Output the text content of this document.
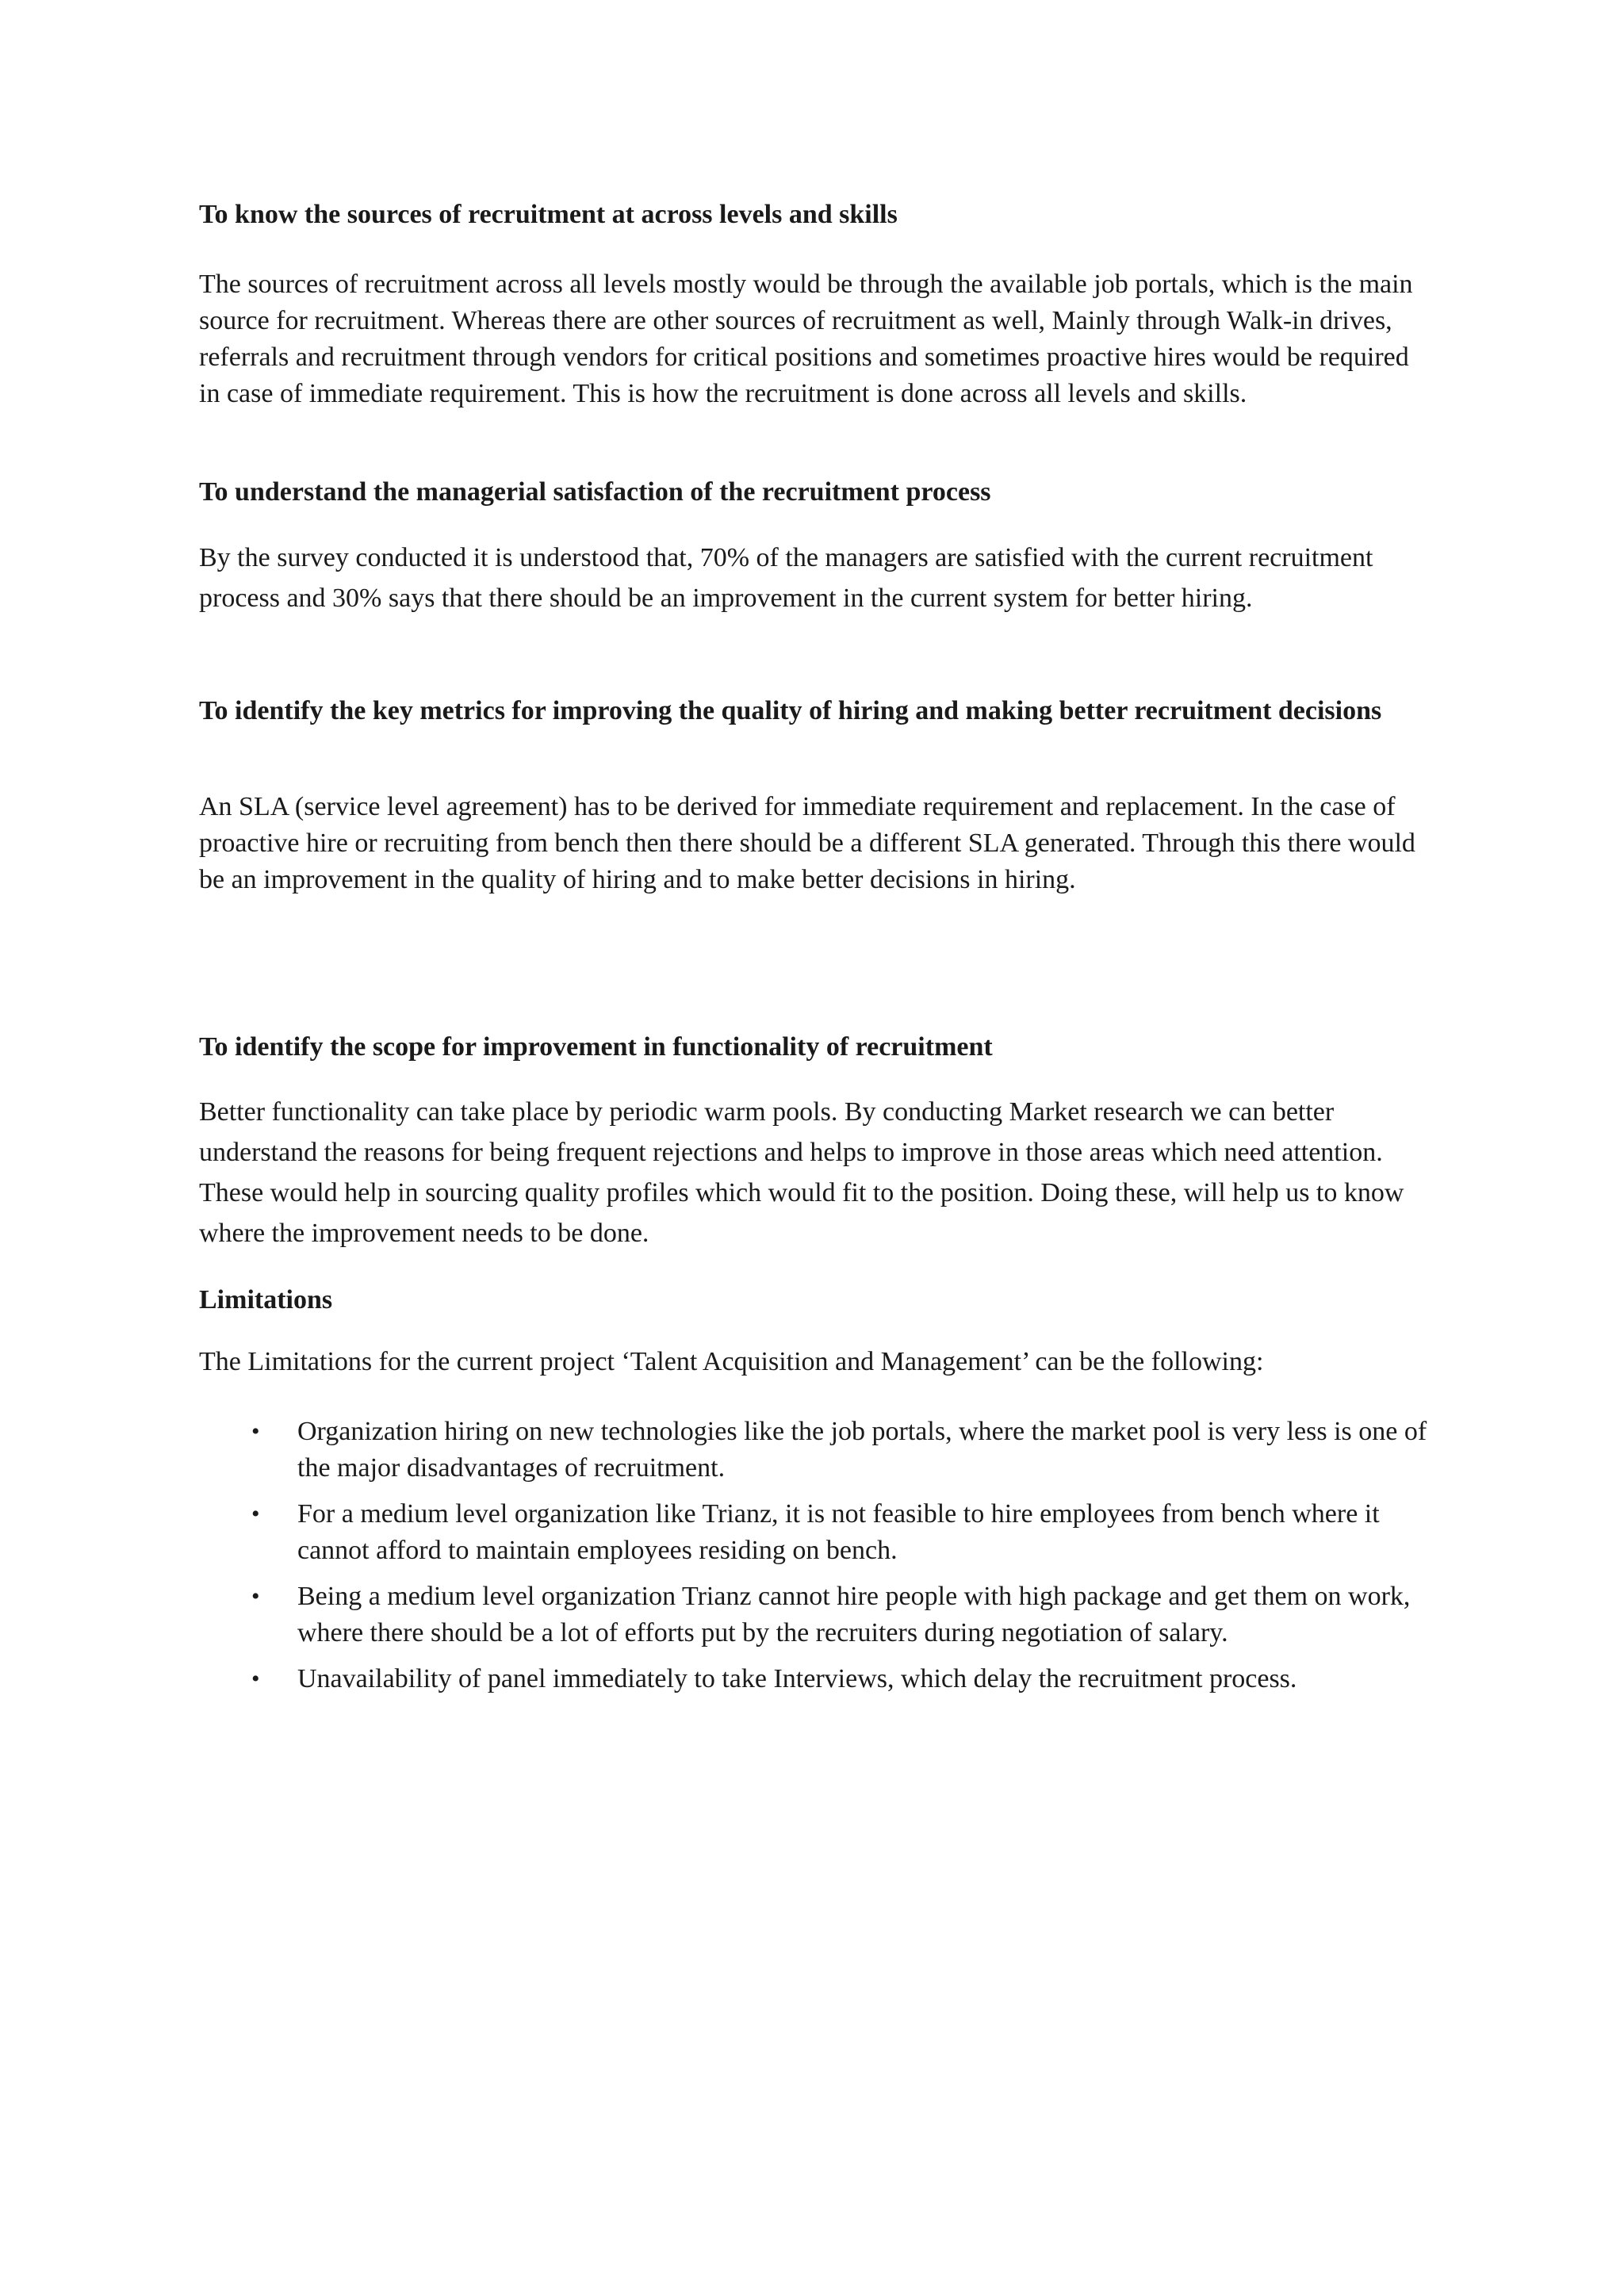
To know the sources of recruitment at across levels and skills

The sources of recruitment across all levels mostly would be through the available job portals, which is the main source for recruitment. Whereas there are other sources of recruitment as well, Mainly through Walk-in drives, referrals and recruitment through vendors for critical positions and sometimes proactive hires would be required in case of immediate requirement. This is how the recruitment is done across all levels and skills.

To understand the managerial satisfaction of the recruitment process

By the survey conducted it is understood that, 70% of the managers are satisfied with the current recruitment process and 30% says that there should be an improvement in the current system for better hiring.

To identify the key metrics for improving the quality of hiring and making better recruitment decisions

An SLA (service level agreement) has to be derived for immediate requirement and replacement. In the case of proactive hire or recruiting from bench then there should be a different SLA generated. Through this there would be an improvement in the quality of hiring and to make better decisions in hiring.

To identify the scope for improvement in functionality of recruitment

Better functionality can take place by periodic warm pools. By conducting Market research we can better understand the reasons for being frequent rejections and helps to improve in those areas which need attention. These would help in sourcing quality profiles which would fit to the position. Doing these, will help us to know where the improvement needs to be done.

Limitations

The Limitations for the current project ‘Talent Acquisition and Management’ can be the following:

• Organization hiring on new technologies like the job portals, where the market pool is very less is one of the major disadvantages of recruitment.
• For a medium level organization like Trianz, it is not feasible to hire employees from bench where it cannot afford to maintain employees residing on bench.
• Being a medium level organization Trianz cannot hire people with high package and get them on work, where there should be a lot of efforts put by the recruiters during negotiation of salary.
• Unavailability of panel immediately to take Interviews, which delay the recruitment process.
